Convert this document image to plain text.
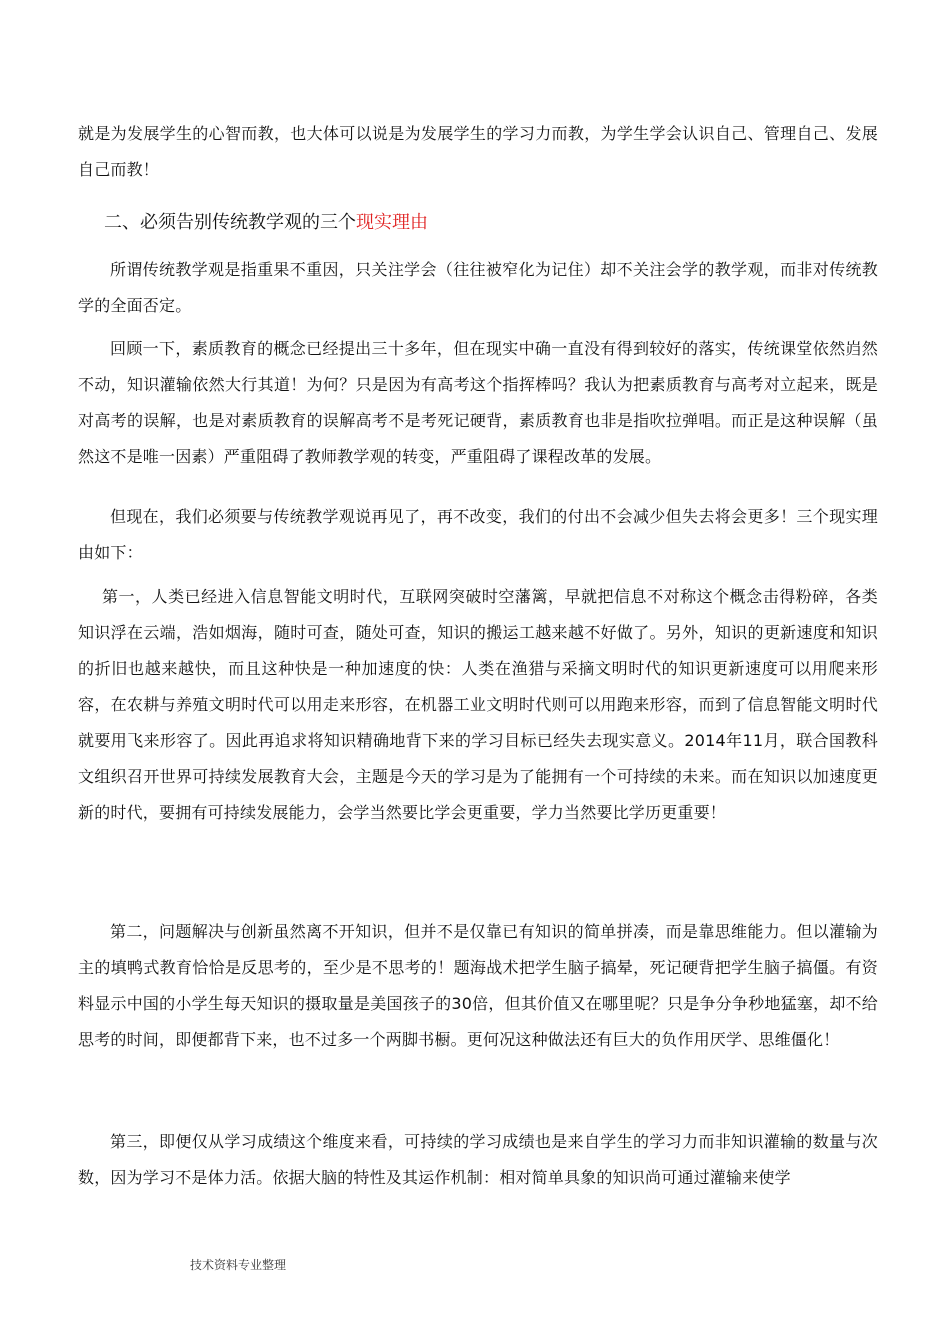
就是为发展学生的心智而教，也大体可以说是为发展学生的学习力而教，为学生学会认识自己、管理自己、发展自己而教！

二、必须告别传统教学观的三个现实理由

所谓传统教学观是指重果不重因，只关注学会（往往被窄化为记住）却不关注会学的教学观，而非对传统教学的全面否定。

回顾一下，素质教育的概念已经提出三十多年，但在现实中确一直没有得到较好的落实，传统课堂依然岿然不动，知识灌输依然大行其道！为何？只是因为有高考这个指挥棒吗？我认为把素质教育与高考对立起来，既是对高考的误解，也是对素质教育的误解高考不是考死记硬背，素质教育也非是指吹拉弹唱。而正是这种误解（虽然这不是唯一因素）严重阻碍了教师教学观的转变，严重阻碍了课程改革的发展。

但现在，我们必须要与传统教学观说再见了，再不改变，我们的付出不会减少但失去将会更多！三个现实理由如下：

第一，人类已经进入信息智能文明时代，互联网突破时空藩篱，早就把信息不对称这个概念击得粉碎，各类知识浮在云端，浩如烟海，随时可查，随处可查，知识的搬运工越来越不好做了。另外，知识的更新速度和知识的折旧也越来越快，而且这种快是一种加速度的快：人类在渔猎与采摘文明时代的知识更新速度可以用爬来形容，在农耕与养殖文明时代可以用走来形容，在机器工业文明时代则可以用跑来形容，而到了信息智能文明时代就要用飞来形容了。因此再追求将知识精确地背下来的学习目标已经失去现实意义。2014年11月，联合国教科文组织召开世界可持续发展教育大会，主题是今天的学习是为了能拥有一个可持续的未来。而在知识以加速度更新的时代，要拥有可持续发展能力，会学当然要比学会更重要，学力当然要比学历更重要！

第二，问题解决与创新虽然离不开知识，但并不是仅靠已有知识的简单拼凑，而是靠思维能力。但以灌输为主的填鸭式教育恰恰是反思考的，至少是不思考的！题海战术把学生脑子搞晕，死记硬背把学生脑子搞僵。有资料显示中国的小学生每天知识的摄取量是美国孩子的30倍，但其价值又在哪里呢？只是争分争秒地猛塞，却不给思考的时间，即便都背下来，也不过多一个两脚书橱。更何况这种做法还有巨大的负作用厌学、思维僵化！

第三，即便仅从学习成绩这个维度来看，可持续的学习成绩也是来自学生的学习力而非知识灌输的数量与次数，因为学习不是体力活。依据大脑的特性及其运作机制：相对简单具象的知识尚可通过灌输来使学

技术资料专业整理
